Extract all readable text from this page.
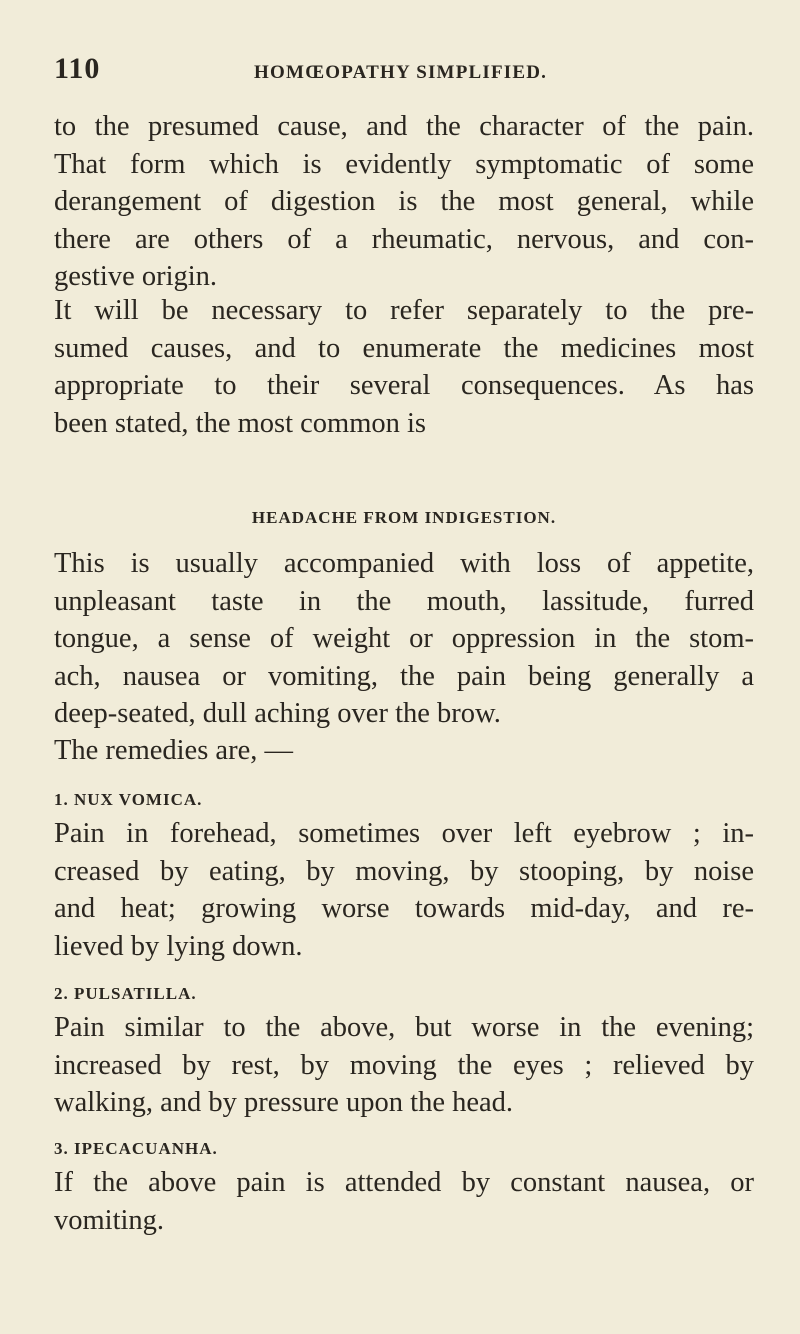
110	HOMŒOPATHY SIMPLIFIED.
to the presumed cause, and the character of the pain.
That form which is evidently symptomatic of some
derangement of digestion is the most general, while
there are others of a rheumatic, nervous, and con-
gestive origin.
It will be necessary to refer separately to the pre-
sumed causes, and to enumerate the medicines most
appropriate to their several consequences. As has
been stated, the most common is
HEADACHE FROM INDIGESTION.
This is usually accompanied with loss of appetite,
unpleasant taste in the mouth, lassitude, furred
tongue, a sense of weight or oppression in the stom-
ach, nausea or vomiting, the pain being generally a
deep-seated, dull aching over the brow.
The remedies are, —
1. NUX VOMICA.
Pain in forehead, sometimes over left eyebrow ; in-
creased by eating, by moving, by stooping, by noise
and heat; growing worse towards mid-day, and re-
lieved by lying down.
2. PULSATILLA.
Pain similar to the above, but worse in the evening;
increased by rest, by moving the eyes ; relieved by
walking, and by pressure upon the head.
3. IPECACUANHA.
If the above pain is attended by constant nausea, or
vomiting.
